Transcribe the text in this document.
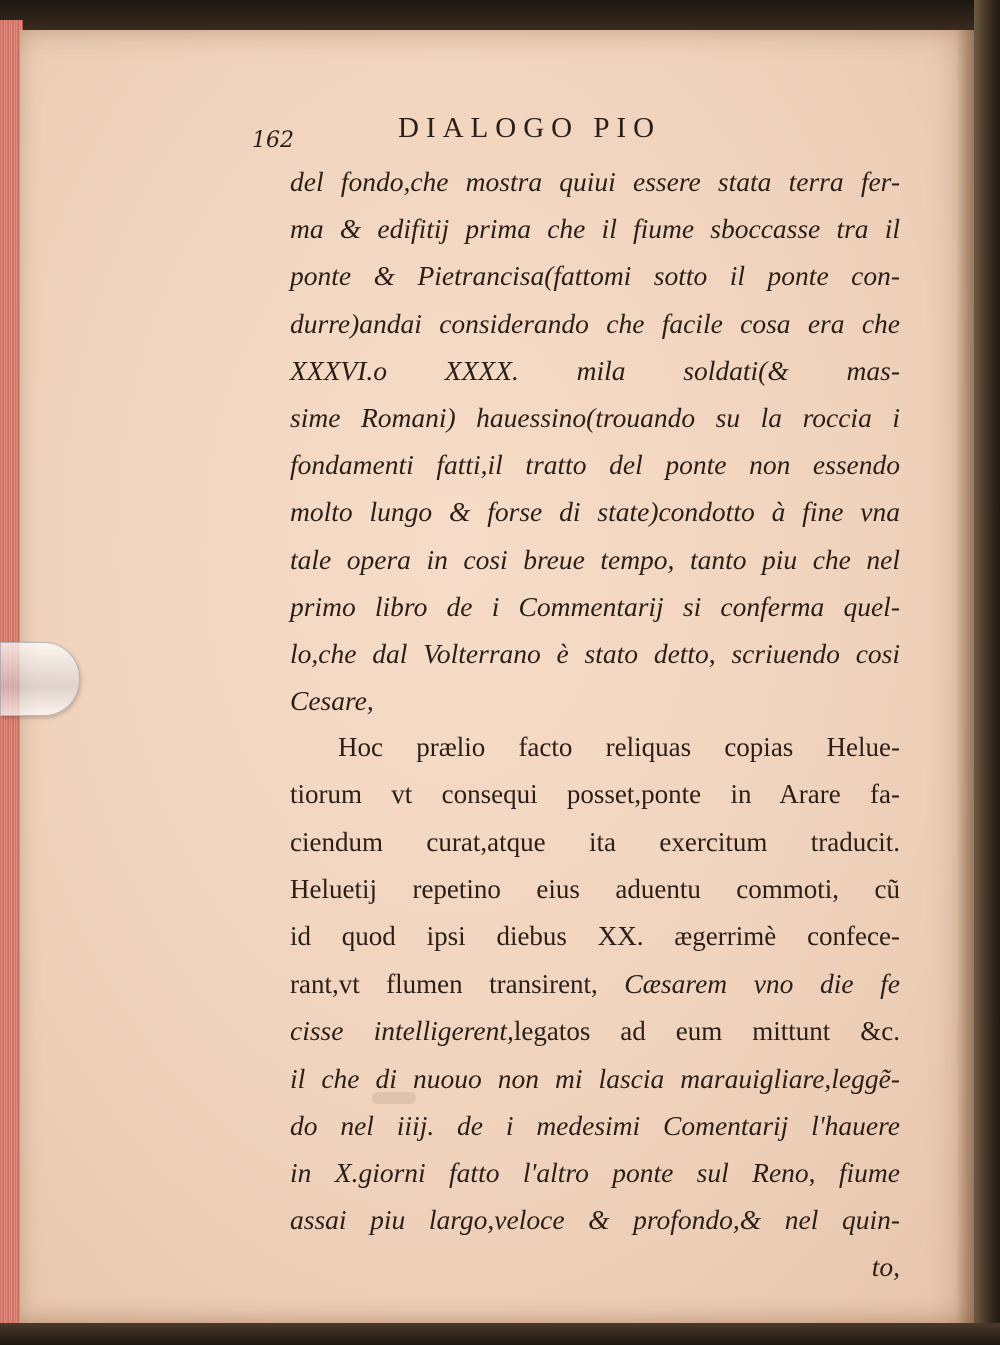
162	DIALOGO PIO
del fondo,che mostra quiui essere stata terra fer-
ma & edifitij prima che il fiume sboccasse tra il
ponte & Pietrancisa(fattomi sotto il ponte con-
durre)andai considerando che facile cosa era che
XXXVI.o XXXX. mila soldati(& mas-
sime Romani) hauessino(trouando su la roccia i
fondamenti fatti,il tratto del ponte non essendo
molto lungo & forse di state)condotto à fine vna
tale opera in cosi breue tempo, tanto piu che nel
primo libro de i Commentarij si conferma quel-
lo,che dal Volterrano è stato detto, scriuendo cosi
Cesare,
Hoc prælio facto reliquas copias Helue-
tiorum vt consequi posset,ponte in Arare fa-
ciendum curat,atque ita exercitum traducit.
Heluetij repetino eius aduentu commoti, cũ
id quod ipsi diebus XX. ægerrimè confece-
rant,vt flumen transirent, Cæsarem vno die fe
cisse intelligerent,legatos ad eum mittunt &c.
il che di nuouo non mi lascia marauigliare,leggẽ-
do nel iiij. de i medesimi Comentarij l'hauere
in X.giorni fatto l'altro ponte sul Reno, fiume
assai piu largo,veloce & profondo,& nel quin-
to,
